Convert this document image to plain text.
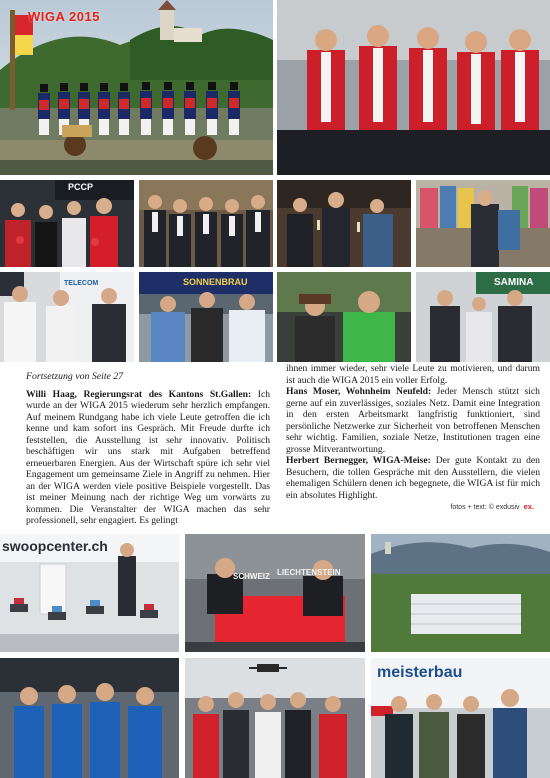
WIGA 2015
PCCP
TELECOM	SONNENBRAU	SAMINA

Fortsetzung von Seite 27

Willi Haag, Regierungsrat des Kantons St.Gallen: Ich wurde an der WIGA 2015 wiederum sehr herzlich empfangen. Auf meinem Rundgang habe ich viele Leute getroffen die ich kenne und kam sofort ins Gespräch. Mit Freude durfte ich feststellen, die Ausstellung ist sehr innovativ. Politisch beschäftigen wir uns stark mit Aufgaben betreffend erneuerbaren Energien. Aus der Wirtschaft spüre ich sehr viel Engagement um gemeinsame Ziele in Angriff zu nehmen. Hier an der WIGA werden viele positive Beispiele vorgestellt. Das ist meiner Meinung nach der richtige Weg um vorwärts zu kommen. Die Veranstalter der WIGA machen das sehr professionell, sehr engagiert. Es gelingt

ihnen immer wieder, sehr viele Leute zu motivieren, und darum ist auch die WIGA 2015 ein voller Erfolg.

Hans Moser, Wohnheim Neufeld: Jeder Mensch stützt sich gerne auf ein zuverlässiges, soziales Netz. Damit eine Integration in den ersten Arbeitsmarkt langfristig funktioniert, sind persönliche Netzwerke zur Sicherheit von betroffenen Menschen sehr wichtig. Familien, soziale Netze, Institutionen tragen eine grosse Mitverantwortung.

Herbert Bernegger, WIGA-Meise: Der gute Kontakt zu den Besuchern, die tollen Gespräche mit den Ausstellern, die vielen ehemaligen Schülern denen ich begegnete, die WIGA ist für mich ein absolutes Highlight.

fotos + text: © exdusiv ex.
swoopcenter.ch
SCHWEIZ LIECHTENSTEIN
meisterbau
